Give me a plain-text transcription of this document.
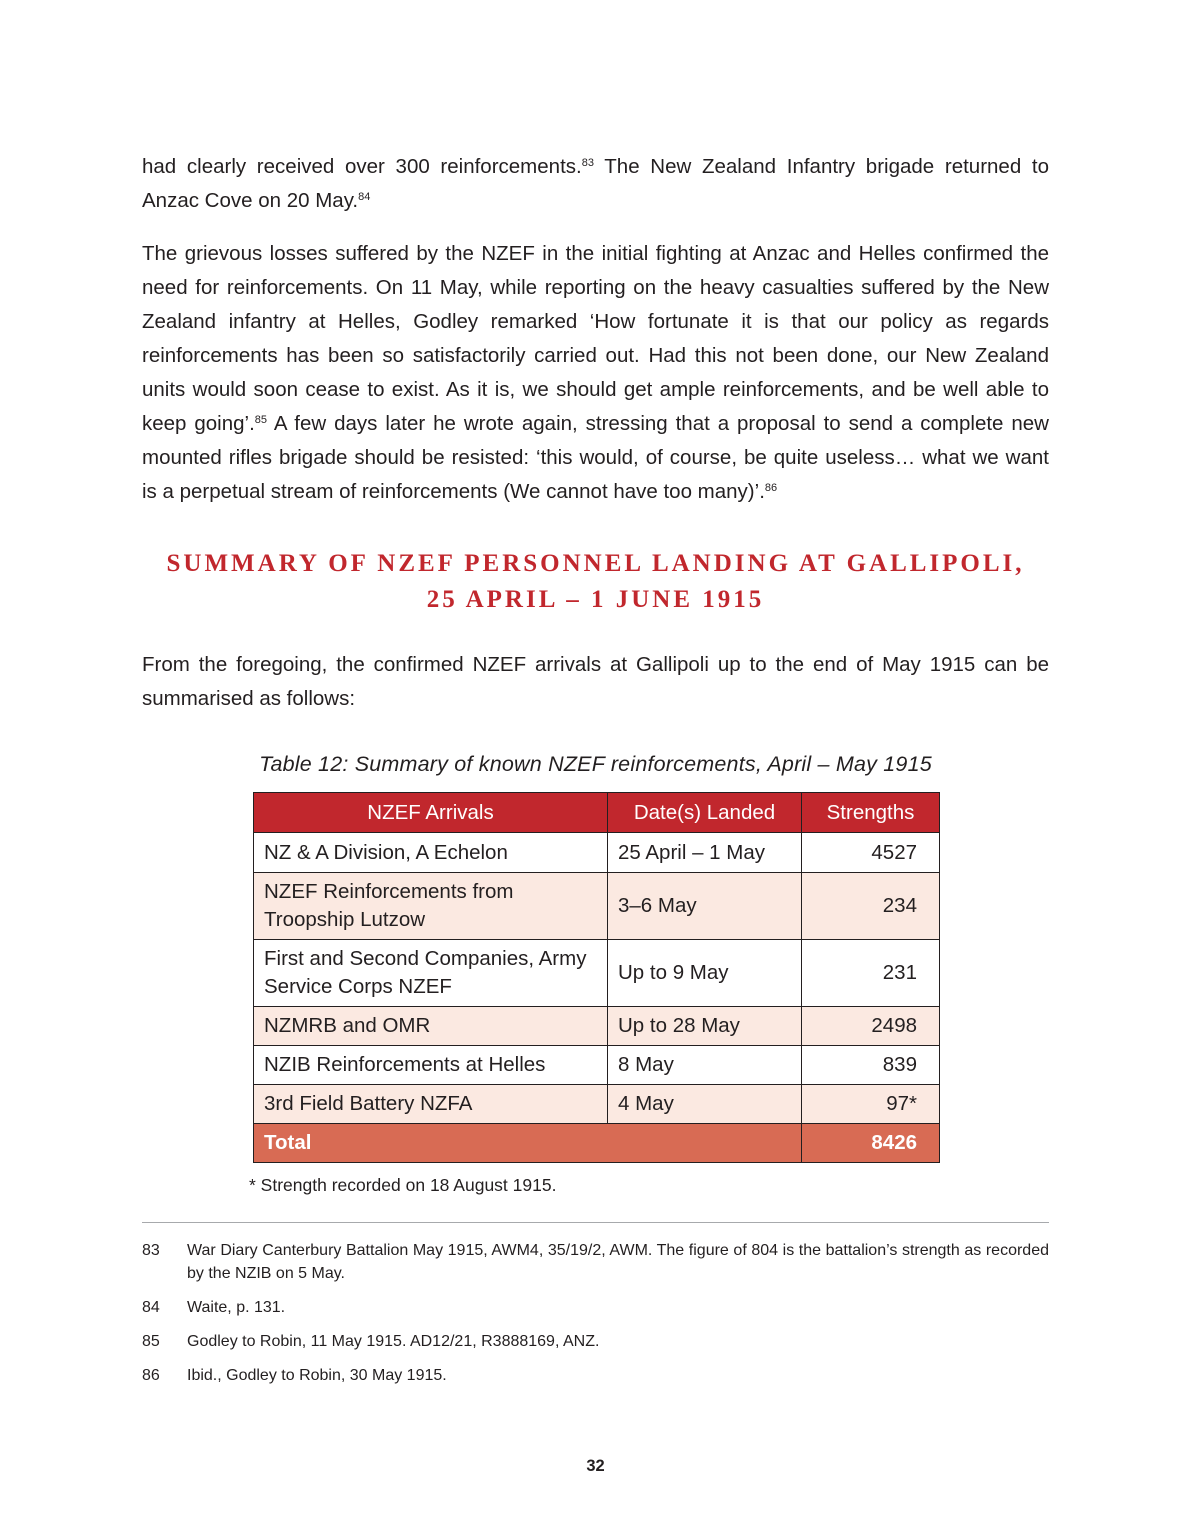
had clearly received over 300 reinforcements.$^{83}$ The New Zealand Infantry brigade returned to Anzac Cove on 20 May.$^{84}$

The grievous losses suffered by the NZEF in the initial fighting at Anzac and Helles confirmed the need for reinforcements. On 11 May, while reporting on the heavy casualties suffered by the New Zealand infantry at Helles, Godley remarked ‘How fortunate it is that our policy as regards reinforcements has been so satisfactorily carried out. Had this not been done, our New Zealand units would soon cease to exist. As it is, we should get ample reinforcements, and be well able to keep going’.$^{85}$ A few days later he wrote again, stressing that a proposal to send a complete new mounted rifles brigade should be resisted: ‘this would, of course, be quite useless… what we want is a perpetual stream of reinforcements (We cannot have too many)’.$^{86}$

SUMMARY OF NZEF PERSONNEL LANDING AT GALLIPOLI,
25 APRIL – 1 JUNE 1915

From the foregoing, the confirmed NZEF arrivals at Gallipoli up to the end of May 1915 can be summarised as follows:

Table 12: Summary of known NZEF reinforcements, April – May 1915
NZEF Arrivals	Date(s) Landed	Strengths
NZ & A Division, A Echelon	25 April – 1 May	4527
NZEF Reinforcements from Troopship Lutzow	3–6 May	234
First and Second Companies, Army Service Corps NZEF	Up to 9 May	231
NZMRB and OMR	Up to 28 May	2498
NZIB Reinforcements at Helles	8 May	839
3rd Field Battery NZFA	4 May	97*
Total		8426
* Strength recorded on 18 August 1915.
83	War Diary Canterbury Battalion May 1915, AWM4, 35/19/2, AWM. The figure of 804 is the battalion’s strength as recorded by the NZIB on 5 May.
84	Waite, p. 131.
85	Godley to Robin, 11 May 1915. AD12/21, R3888169, ANZ.
86	Ibid., Godley to Robin, 30 May 1915.
32
